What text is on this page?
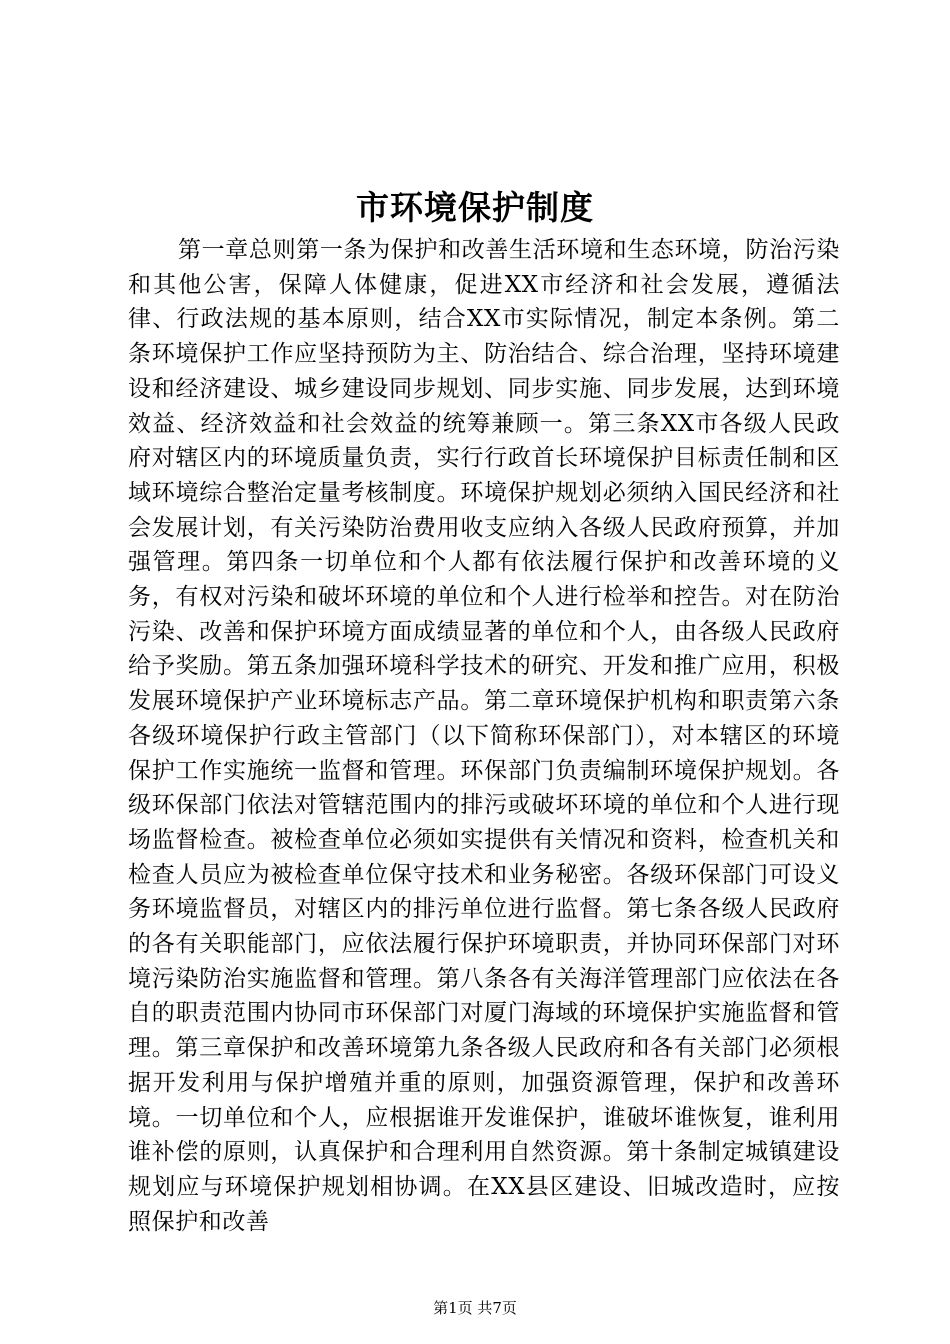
市环境保护制度

第一章总则第一条为保护和改善生活环境和生态环境，防治污染和其他公害，保障人体健康，促进XX市经济和社会发展，遵循法律、行政法规的基本原则，结合XX市实际情况，制定本条例。第二条环境保护工作应坚持预防为主、防治结合、综合治理，坚持环境建设和经济建设、城乡建设同步规划、同步实施、同步发展，达到环境效益、经济效益和社会效益的统筹兼顾一。第三条XX市各级人民政府对辖区内的环境质量负责，实行行政首长环境保护目标责任制和区域环境综合整治定量考核制度。环境保护规划必须纳入国民经济和社会发展计划，有关污染防治费用收支应纳入各级人民政府预算，并加强管理。第四条一切单位和个人都有依法履行保护和改善环境的义务，有权对污染和破坏环境的单位和个人进行检举和控告。对在防治污染、改善和保护环境方面成绩显著的单位和个人，由各级人民政府给予奖励。第五条加强环境科学技术的研究、开发和推广应用，积极发展环境保护产业环境标志产品。第二章环境保护机构和职责第六条各级环境保护行政主管部门（以下简称环保部门），对本辖区的环境保护工作实施统一监督和管理。环保部门负责编制环境保护规划。各级环保部门依法对管辖范围内的排污或破坏环境的单位和个人进行现场监督检查。被检查单位必须如实提供有关情况和资料，检查机关和检查人员应为被检查单位保守技术和业务秘密。各级环保部门可设义务环境监督员，对辖区内的排污单位进行监督。第七条各级人民政府的各有关职能部门，应依法履行保护环境职责，并协同环保部门对环境污染防治实施监督和管理。第八条各有关海洋管理部门应依法在各自的职责范围内协同市环保部门对厦门海域的环境保护实施监督和管理。第三章保护和改善环境第九条各级人民政府和各有关部门必须根据开发利用与保护增殖并重的原则，加强资源管理，保护和改善环境。一切单位和个人，应根据谁开发谁保护，谁破坏谁恢复，谁利用谁补偿的原则，认真保护和合理利用自然资源。第十条制定城镇建设规划应与环境保护规划相协调。在XX县区建设、旧城改造时，应按照保护和改善

第1页 共7页
